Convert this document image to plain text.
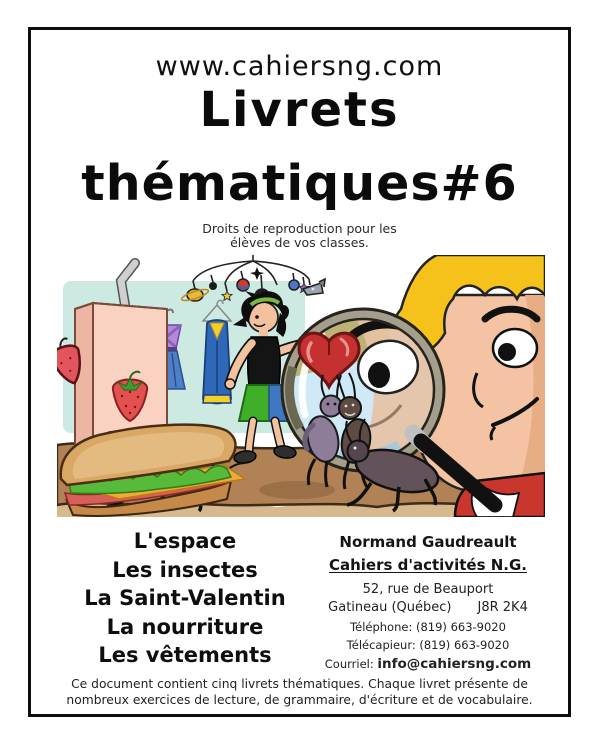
www.cahiersng.com
Livrets
thématiques#6
Droits de reproduction pour les
élèves de vos classes.
L'espace
Les insectes
La Saint-Valentin
La nourriture
Les vêtements
Normand Gaudreault
Cahiers d'activités N.G.
52, rue de Beauport
Gatineau (Québec) J8R 2K4
Téléphone: (819) 663-9020
Télécapieur: (819) 663-9020
Courriel: info@cahiersng.com
Ce document contient cinq livrets thématiques. Chaque livret présente de
nombreux exercices de lecture, de grammaire, d'écriture et de vocabulaire.
